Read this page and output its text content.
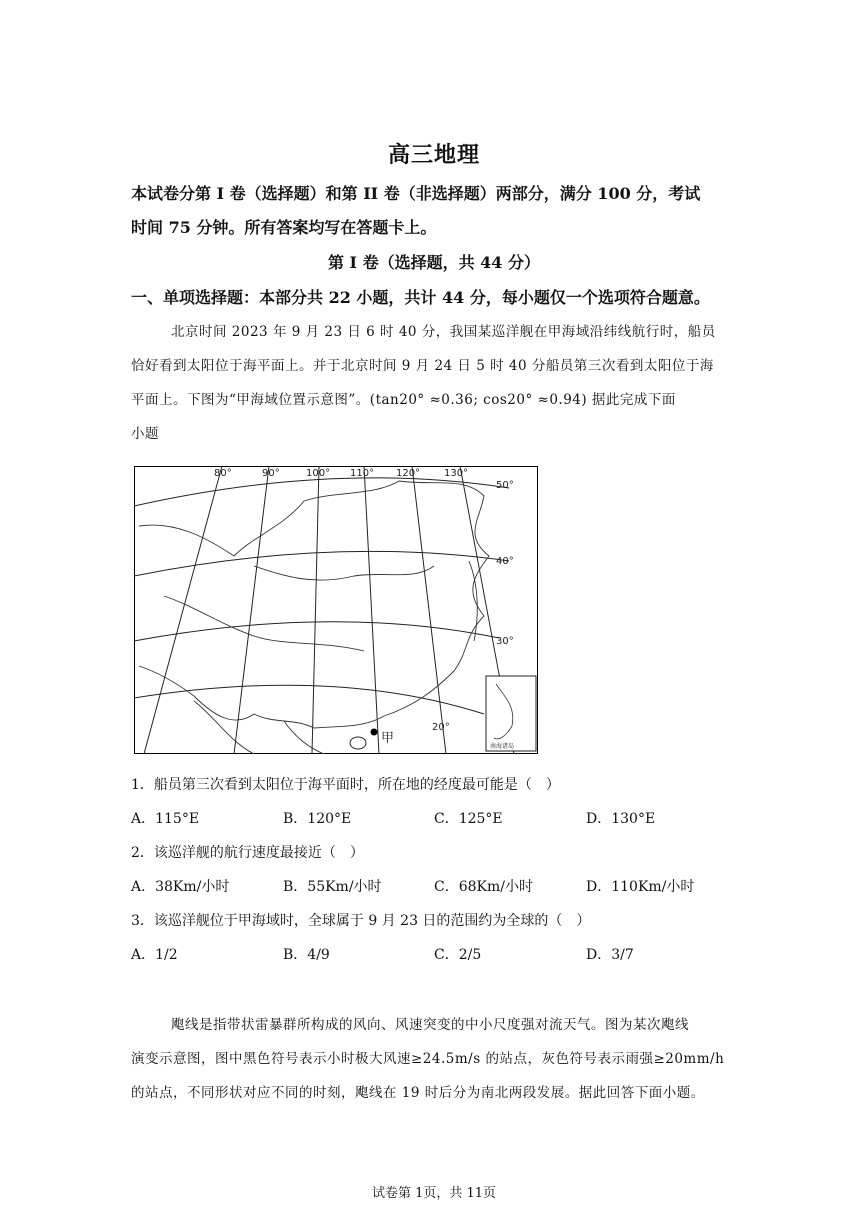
高三地理
本试卷分第 I 卷（选择题）和第 II 卷（非选择题）两部分，满分 100 分，考试
时间 75 分钟。所有答案均写在答题卡上。
第 I 卷（选择题，共 44 分）
一、单项选择题：本部分共 22 小题，共计 44 分，每小题仅一个选项符合题意。
北京时间 2023 年 9 月 23 日 6 时 40 分，我国某巡洋舰在甲海域沿纬线航行时，船员
恰好看到太阳位于海平面上。并于北京时间 9 月 24 日 5 时 40 分船员第三次看到太阳位于海
平面上。下图为“甲海域位置示意图”。(tan20° ≈0.36; cos20° ≈0.94) 据此完成下面
小题
甲
80°	90°	100° 110° 120° 130°
50°
40°
30°
20°
南海诸岛
1．船员第三次看到太阳位于海平面时，所在地的经度最可能是（　）
A．115°E	B．120°E	C．125°E	D．130°E
2．该巡洋舰的航行速度最接近（　）
A．38Km/小时	B．55Km/小时	C．68Km/小时	D．110Km/小时
3．该巡洋舰位于甲海域时，全球属于 9 月 23 日的范围约为全球的（　）
A．1/2	B．4/9	C．2/5	D．3/7
飑线是指带状雷暴群所构成的风向、风速突变的中小尺度强对流天气。图为某次飑线
演变示意图，图中黑色符号表示小时极大风速≥24.5m/s 的站点，灰色符号表示雨强≥20mm/h
的站点，不同形状对应不同的时刻，飑线在 19 时后分为南北两段发展。据此回答下面小题。
试卷第 1页，共 11页
